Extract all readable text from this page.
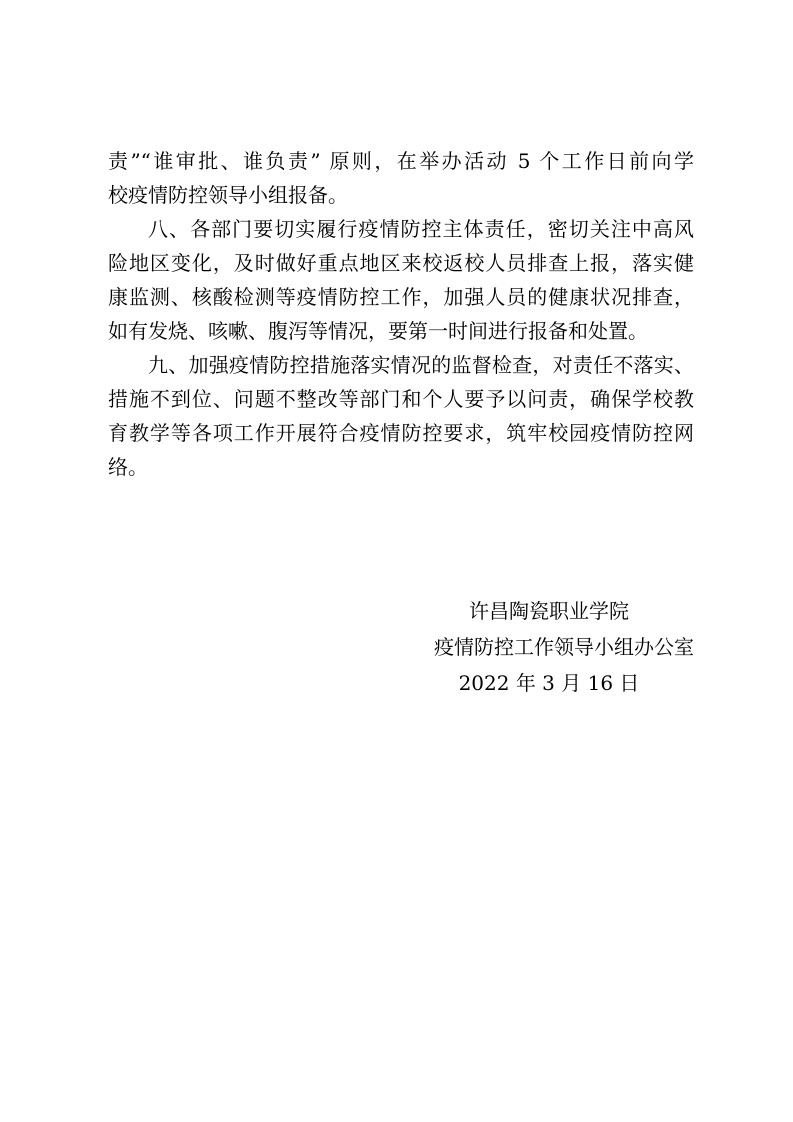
责”“谁审批、谁负责” 原则，在举办活动 5 个工作日前向学
校疫情防控领导小组报备。
八、各部门要切实履行疫情防控主体责任，密切关注中高风
险地区变化，及时做好重点地区来校返校人员排查上报，落实健
康监测、核酸检测等疫情防控工作，加强人员的健康状况排查，
如有发烧、咳嗽、腹泻等情况，要第一时间进行报备和处置。
九、加强疫情防控措施落实情况的监督检查，对责任不落实、
措施不到位、问题不整改等部门和个人要予以问责，确保学校教
育教学等各项工作开展符合疫情防控要求，筑牢校园疫情防控网
络。
许昌陶瓷职业学院
疫情防控工作领导小组办公室
2022 年 3 月 16 日
